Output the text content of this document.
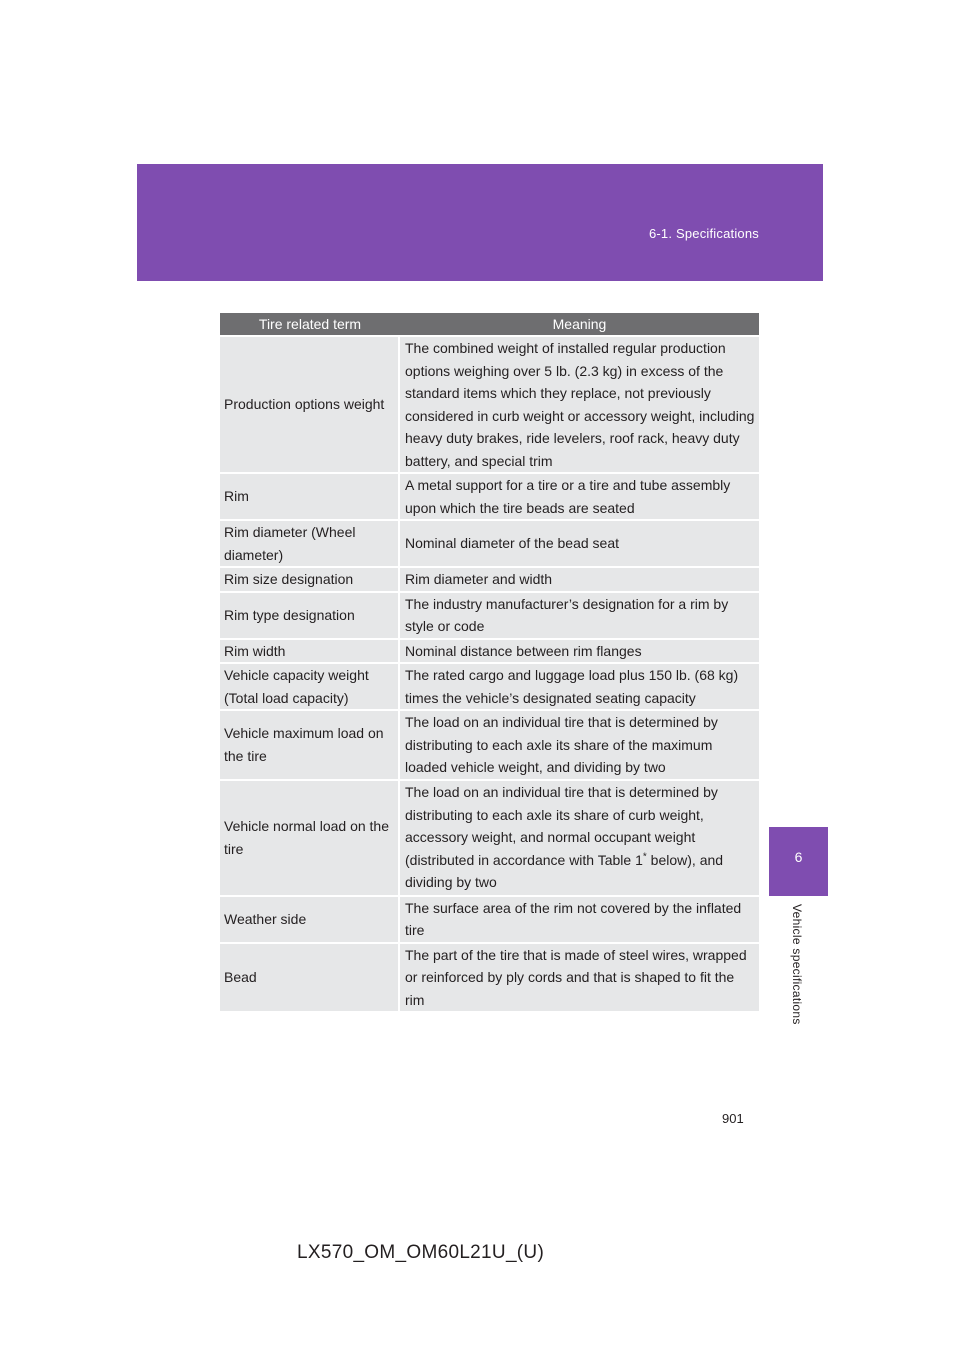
6-1. Specifications
6
Vehicle specifications
Tire related term	Meaning
Production options weight	The combined weight of installed regular production options weighing over 5 lb. (2.3 kg) in excess of the standard items which they replace, not previously considered in curb weight or accessory weight, including heavy duty brakes, ride levelers, roof rack, heavy duty battery, and special trim
Rim	A metal support for a tire or a tire and tube assembly upon which the tire beads are seated
Rim diameter (Wheel diameter)	Nominal diameter of the bead seat
Rim size designation	Rim diameter and width
Rim type designation	The industry manufacturer’s designation for a rim by style or code
Rim width	Nominal distance between rim flanges
Vehicle capacity weight (Total load capacity)	The rated cargo and luggage load plus 150 lb. (68 kg) times the vehicle’s designated seating capacity
Vehicle maximum load on the tire	The load on an individual tire that is determined by distributing to each axle its share of the maximum loaded vehicle weight, and dividing by two
Vehicle normal load on the tire	The load on an individual tire that is determined by distributing to each axle its share of curb weight, accessory weight, and normal occupant weight (distributed in accordance with Table 1* below), and dividing by two
Weather side	The surface area of the rim not covered by the inflated tire
Bead	The part of the tire that is made of steel wires, wrapped or reinforced by ply cords and that is shaped to fit the rim
901
LX570_OM_OM60L21U_(U)
